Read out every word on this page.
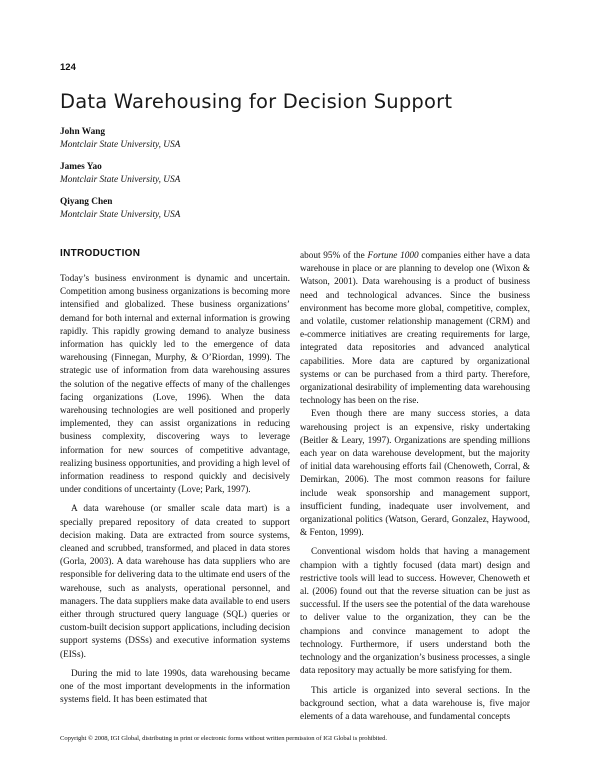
124
Data Warehousing for Decision Support
John Wang
Montclair State University, USA
James Yao
Montclair State University, USA
Qiyang Chen
Montclair State University, USA
INTRODUCTION

Today’s business environment is dynamic and uncertain. Competition among business organizations is becoming more intensified and globalized. These business organizations’ demand for both internal and external information is growing rapidly. This rapidly growing demand to analyze business information has quickly led to the emergence of data warehousing (Finnegan, Murphy, & O’Riordan, 1999). The strategic use of information from data warehousing assures the solution of the negative effects of many of the challenges facing organizations (Love, 1996). When the data warehousing technologies are well positioned and properly implemented, they can assist organizations in reducing business complexity, discovering ways to leverage information for new sources of competitive advantage, realizing business opportunities, and providing a high level of information readiness to respond quickly and decisively under conditions of uncertainty (Love; Park, 1997).

A data warehouse (or smaller scale data mart) is a specially prepared repository of data created to support decision making. Data are extracted from source systems, cleaned and scrubbed, transformed, and placed in data stores (Gorla, 2003). A data warehouse has data suppliers who are responsible for delivering data to the ultimate end users of the warehouse, such as analysts, operational personnel, and managers. The data suppliers make data available to end users either through structured query language (SQL) queries or custom-built decision support applications, including decision support systems (DSSs) and executive information systems (EISs).

During the mid to late 1990s, data warehousing became one of the most important developments in the information systems field. It has been estimated that

about 95% of the Fortune 1000 companies either have a data warehouse in place or are planning to develop one (Wixon & Watson, 2001). Data warehousing is a product of business need and technological advances. Since the business environment has become more global, competitive, complex, and volatile, customer relationship management (CRM) and e-commerce initiatives are creating requirements for large, integrated data repositories and advanced analytical capabilities. More data are captured by organizational systems or can be purchased from a third party. Therefore, organizational desirability of implementing data warehousing technology has been on the rise.

Even though there are many success stories, a data warehousing project is an expensive, risky undertaking (Beitler & Leary, 1997). Organizations are spending millions each year on data warehouse development, but the majority of initial data warehousing efforts fail (Chenoweth, Corral, & Demirkan, 2006). The most common reasons for failure include weak sponsorship and management support, insufficient funding, inadequate user involvement, and organizational politics (Watson, Gerard, Gonzalez, Haywood, & Fenton, 1999).

Conventional wisdom holds that having a management champion with a tightly focused (data mart) design and restrictive tools will lead to success. However, Chenoweth et al. (2006) found out that the reverse situation can be just as successful. If the users see the potential of the data warehouse to deliver value to the organization, they can be the champions and convince management to adopt the technology. Furthermore, if users understand both the technology and the organization’s business processes, a single data repository may actually be more satisfying for them.

This article is organized into several sections. In the background section, what a data warehouse is, five major elements of a data warehouse, and fundamental concepts

Copyright © 2008, IGI Global, distributing in print or electronic forms without written permission of IGI Global is prohibited.
